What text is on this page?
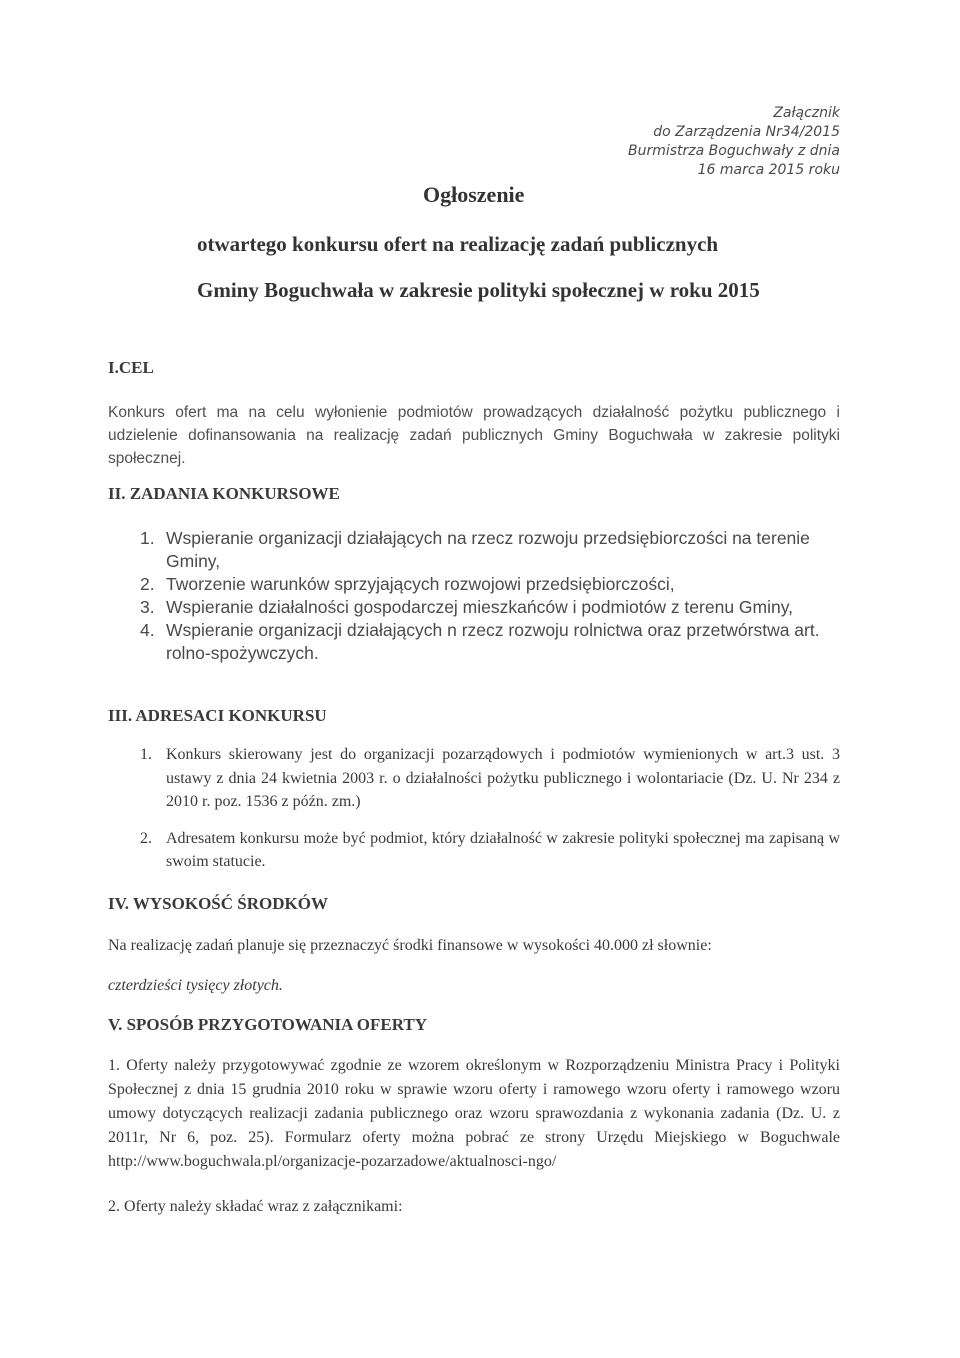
Załącznik
do Zarządzenia Nr34/2015
Burmistrza Boguchwały z dnia
16 marca 2015 roku
Ogłoszenie
otwartego konkursu ofert na realizację zadań publicznych
Gminy Boguchwała w zakresie polityki społecznej w roku 2015
I.CEL
Konkurs ofert ma na celu wyłonienie podmiotów prowadzących działalność pożytku publicznego i udzielenie dofinansowania na realizację zadań publicznych Gminy Boguchwała w zakresie polityki społecznej.
II. ZADANIA KONKURSOWE
1. Wspieranie organizacji działających na rzecz rozwoju przedsiębiorczości na terenie Gminy,
2. Tworzenie warunków sprzyjających rozwojowi przedsiębiorczości,
3. Wspieranie działalności gospodarczej mieszkańców i podmiotów z terenu Gminy,
4. Wspieranie organizacji działających n rzecz rozwoju rolnictwa oraz przetwórstwa art. rolno-spożywczych.
III. ADRESACI KONKURSU
1. Konkurs skierowany jest do organizacji pozarządowych i podmiotów wymienionych w art.3 ust. 3 ustawy z dnia 24 kwietnia 2003 r. o działalności pożytku publicznego i wolontariacie (Dz. U. Nr 234 z 2010 r. poz. 1536 z późn. zm.)
2. Adresatem konkursu może być podmiot, który działalność w zakresie polityki społecznej ma zapisaną w swoim statucie.
IV. WYSOKOŚĆ ŚRODKÓW
Na realizację zadań planuje się przeznaczyć środki finansowe w wysokości 40.000 zł słownie:
czterdzieści tysięcy złotych.
V. SPOSÓB PRZYGOTOWANIA OFERTY
1. Oferty należy przygotowywać zgodnie ze wzorem określonym w Rozporządzeniu Ministra Pracy i Polityki Społecznej z dnia 15 grudnia 2010 roku w sprawie wzoru oferty i ramowego wzoru oferty i ramowego wzoru umowy dotyczących realizacji zadania publicznego oraz wzoru sprawozdania z wykonania zadania (Dz. U. z 2011r, Nr 6, poz. 25). Formularz oferty można pobrać ze strony Urzędu Miejskiego w Boguchwale http://www.boguchwala.pl/organizacje-pozarzadowe/aktualnosci-ngo/
2. Oferty należy składać wraz z załącznikami:
